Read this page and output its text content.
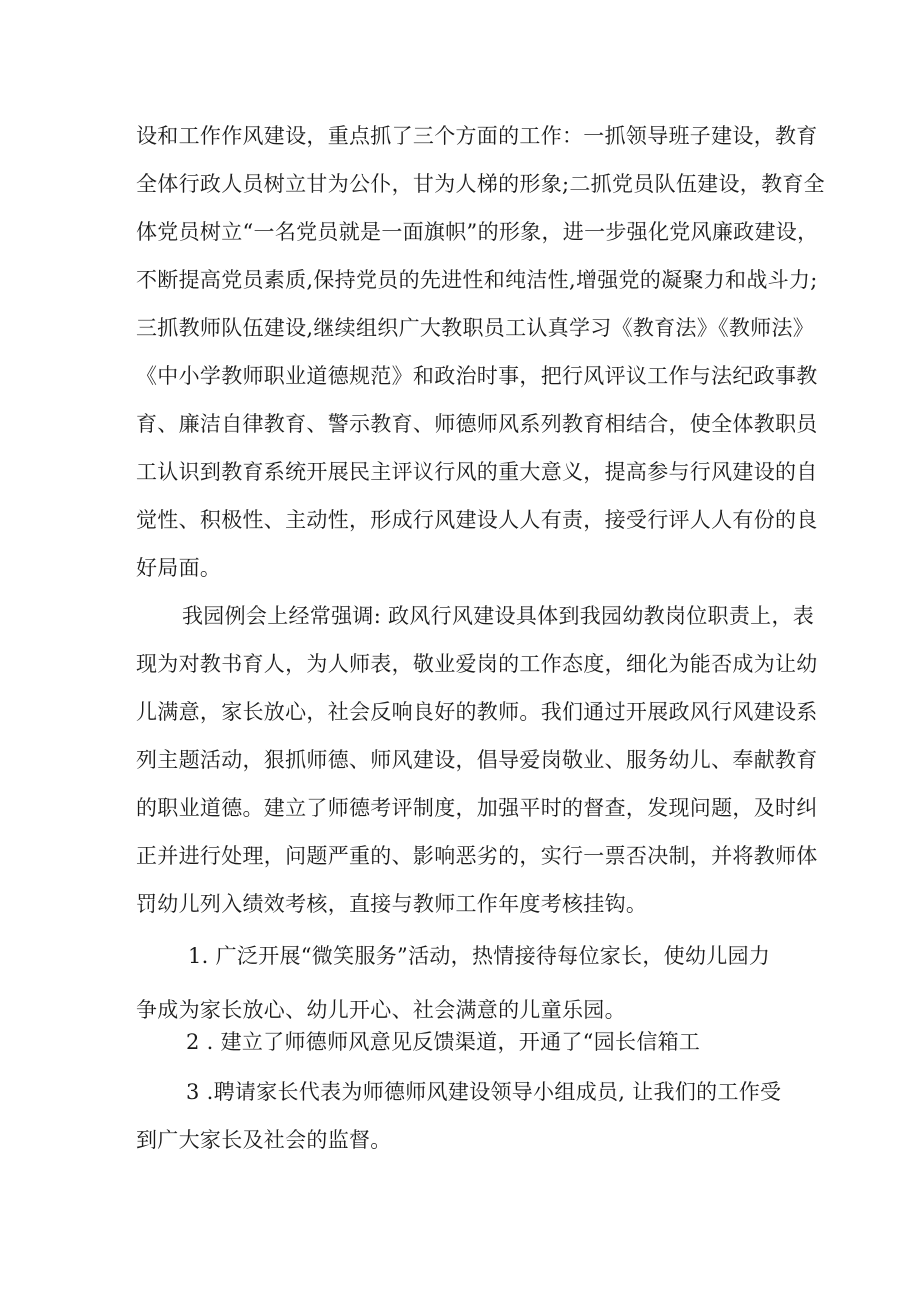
设和工作作风建设，重点抓了三个方面的工作：一抓领导班子建设，教育
全体行政人员树立甘为公仆，甘为人梯的形象;二抓党员队伍建设，教育全
体党员树立“一名党员就是一面旗帜”的形象，进一步强化党风廉政建设，
不断提高党员素质,保持党员的先进性和纯洁性,增强党的凝聚力和战斗力;
三抓教师队伍建设,继续组织广大教职员工认真学习《教育法》《教师法》
《中小学教师职业道德规范》和政治时事，把行风评议工作与法纪政事教
育、廉洁自律教育、警示教育、师德师风系列教育相结合，使全体教职员
工认识到教育系统开展民主评议行风的重大意义，提高参与行风建设的自
觉性、积极性、主动性，形成行风建设人人有责，接受行评人人有份的良
好局面。
我园例会上经常强调: 政风行风建设具体到我园幼教岗位职责上，表
现为对教书育人，为人师表，敬业爱岗的工作态度，细化为能否成为让幼
儿满意，家长放心，社会反响良好的教师。我们通过开展政风行风建设系
列主题活动，狠抓师德、师风建设，倡导爱岗敬业、服务幼儿、奉献教育
的职业道德。建立了师德考评制度，加强平时的督查，发现问题，及时纠
正并进行处理，问题严重的、影响恶劣的，实行一票否决制，并将教师体
罚幼儿列入绩效考核，直接与教师工作年度考核挂钩。
1. 广泛开展“微笑服务”活动，热情接待每位家长，使幼儿园力
争成为家长放心、幼儿开心、社会满意的儿童乐园。
2 . 建立了师德师风意见反馈渠道，开通了“园长信箱工
3 .聘请家长代表为师德师风建设领导小组成员, 让我们的工作受
到广大家长及社会的监督。
